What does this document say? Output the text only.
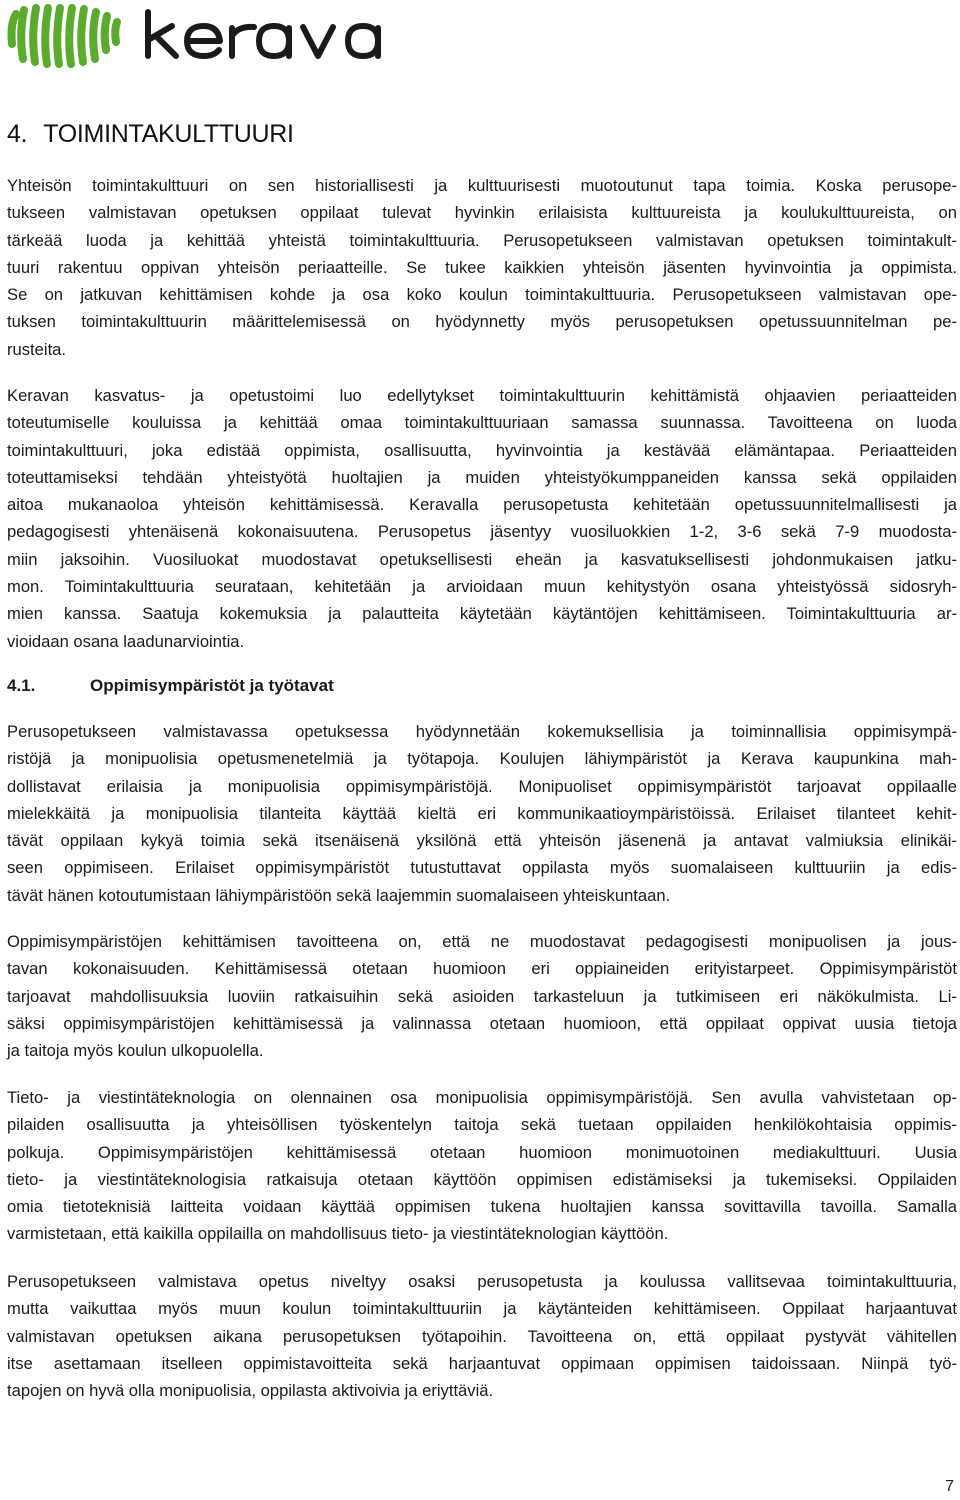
4. TOIMINTAKULTTUURI
Yhteisön toimintakulttuuri on sen historiallisesti ja kulttuurisesti muotoutunut tapa toimia. Koska perusope-
tukseen valmistavan opetuksen oppilaat tulevat hyvinkin erilaisista kulttuureista ja koulukulttuureista, on
tärkeää luoda ja kehittää yhteistä toimintakulttuuria. Perusopetukseen valmistavan opetuksen toimintakult-
tuuri rakentuu oppivan yhteisön periaatteille. Se tukee kaikkien yhteisön jäsenten hyvinvointia ja oppimista.
Se on jatkuvan kehittämisen kohde ja osa koko koulun toimintakulttuuria. Perusopetukseen valmistavan ope-
tuksen toimintakulttuurin määrittelemisessä on hyödynnetty myös perusopetuksen opetussuunnitelman pe-
rusteita.
Keravan kasvatus- ja opetustoimi luo edellytykset toimintakulttuurin kehittämistä ohjaavien periaatteiden
toteutumiselle kouluissa ja kehittää omaa toimintakulttuuriaan samassa suunnassa. Tavoitteena on luoda
toimintakulttuuri, joka edistää oppimista, osallisuutta, hyvinvointia ja kestävää elämäntapaa. Periaatteiden
toteuttamiseksi tehdään yhteistyötä huoltajien ja muiden yhteistyökumppaneiden kanssa sekä oppilaiden
aitoa mukanaoloa yhteisön kehittämisessä. Keravalla perusopetusta kehitetään opetussuunnitelmallisesti ja
pedagogisesti yhtenäisenä kokonaisuutena. Perusopetus jäsentyy vuosiluokkien 1-2, 3-6 sekä 7-9 muodosta-
miin jaksoihin. Vuosiluokat muodostavat opetuksellisesti eheän ja kasvatuksellisesti johdonmukaisen jatku-
mon. Toimintakulttuuria seurataan, kehitetään ja arvioidaan muun kehitystyön osana yhteistyössä sidosryh-
mien kanssa. Saatuja kokemuksia ja palautteita käytetään käytäntöjen kehittämiseen. Toimintakulttuuria ar-
vioidaan osana laadunarviointia.
4.1.	Oppimisympäristöt ja työtavat
Perusopetukseen valmistavassa opetuksessa hyödynnetään kokemuksellisia ja toiminnallisia oppimisympä-
ristöjä ja monipuolisia opetusmenetelmiä ja työtapoja. Koulujen lähiympäristöt ja Kerava kaupunkina mah-
dollistavat erilaisia ja monipuolisia oppimisympäristöjä. Monipuoliset oppimisympäristöt tarjoavat oppilaalle
mielekkäitä ja monipuolisia tilanteita käyttää kieltä eri kommunikaatioympäristöissä. Erilaiset tilanteet kehit-
tävät oppilaan kykyä toimia sekä itsenäisenä yksilönä että yhteisön jäsenenä ja antavat valmiuksia elinikäi-
seen oppimiseen. Erilaiset oppimisympäristöt tutustuttavat oppilasta myös suomalaiseen kulttuuriin ja edis-
tävät hänen kotoutumistaan lähiympäristöön sekä laajemmin suomalaiseen yhteiskuntaan.
Oppimisympäristöjen kehittämisen tavoitteena on, että ne muodostavat pedagogisesti monipuolisen ja jous-
tavan kokonaisuuden. Kehittämisessä otetaan huomioon eri oppiaineiden erityistarpeet. Oppimisympäristöt
tarjoavat mahdollisuuksia luoviin ratkaisuihin sekä asioiden tarkasteluun ja tutkimiseen eri näkökulmista. Li-
säksi oppimisympäristöjen kehittämisessä ja valinnassa otetaan huomioon, että oppilaat oppivat uusia tietoja
ja taitoja myös koulun ulkopuolella.
Tieto- ja viestintäteknologia on olennainen osa monipuolisia oppimisympäristöjä. Sen avulla vahvistetaan op-
pilaiden osallisuutta ja yhteisöllisen työskentelyn taitoja sekä tuetaan oppilaiden henkilökohtaisia oppimis-
polkuja. Oppimisympäristöjen kehittämisessä otetaan huomioon monimuotoinen mediakulttuuri. Uusia
tieto- ja viestintäteknologisia ratkaisuja otetaan käyttöön oppimisen edistämiseksi ja tukemiseksi. Oppilaiden
omia tietoteknisiä laitteita voidaan käyttää oppimisen tukena huoltajien kanssa sovittavilla tavoilla. Samalla
varmistetaan, että kaikilla oppilailla on mahdollisuus tieto- ja viestintäteknologian käyttöön.
Perusopetukseen valmistava opetus niveltyy osaksi perusopetusta ja koulussa vallitsevaa toimintakulttuuria,
mutta vaikuttaa myös muun koulun toimintakulttuuriin ja käytänteiden kehittämiseen. Oppilaat harjaantuvat
valmistavan opetuksen aikana perusopetuksen työtapoihin. Tavoitteena on, että oppilaat pystyvät vähitellen
itse asettamaan itselleen oppimistavoitteita sekä harjaantuvat oppimaan oppimisen taidoissaan. Niinpä työ-
tapojen on hyvä olla monipuolisia, oppilasta aktivoivia ja eriyttäviä.
7
